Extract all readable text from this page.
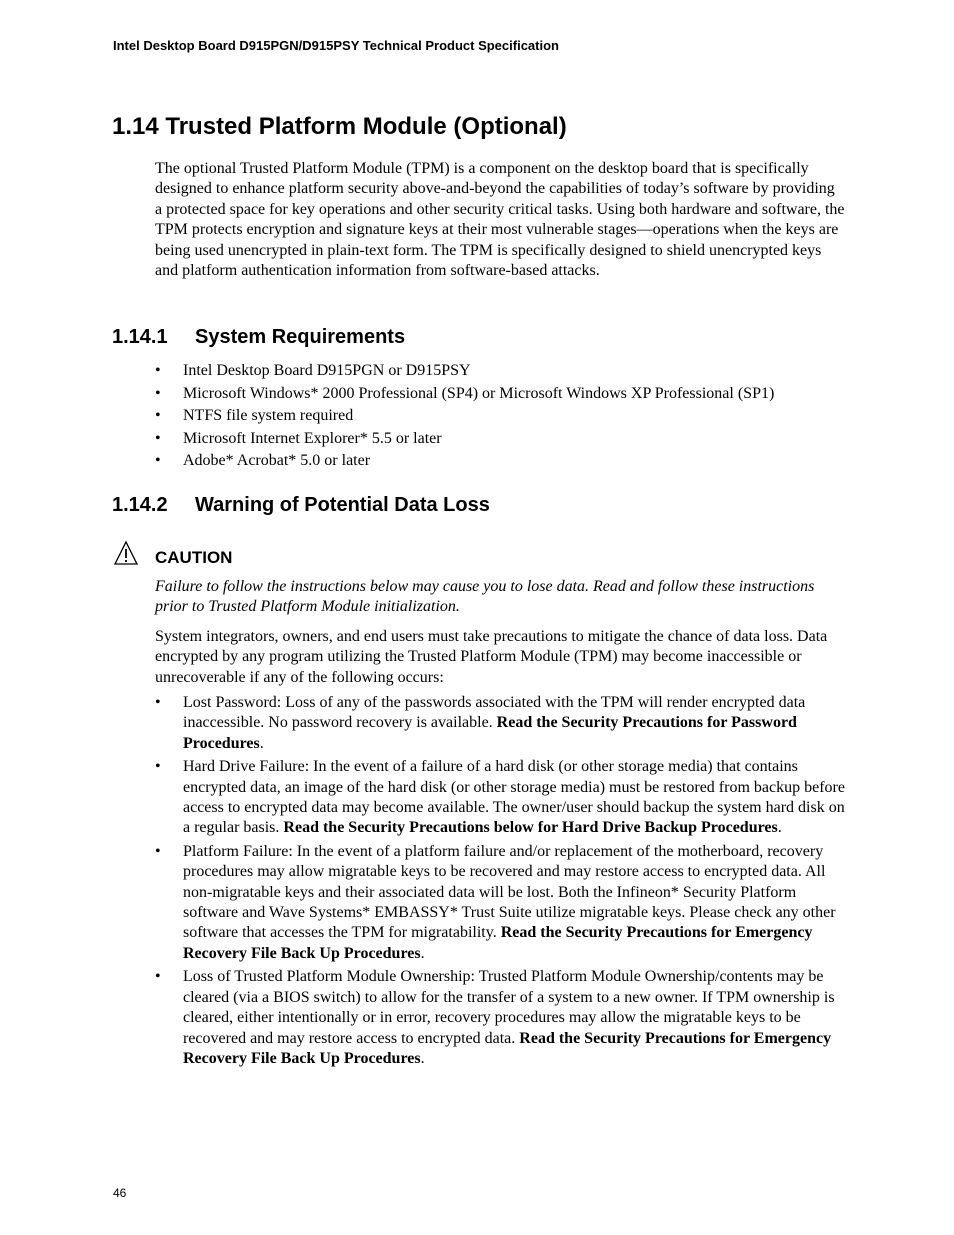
Intel Desktop Board D915PGN/D915PSY Technical Product Specification
1.14 Trusted Platform Module (Optional)

The optional Trusted Platform Module (TPM) is a component on the desktop board that is specifically designed to enhance platform security above-and-beyond the capabilities of today’s software by providing a protected space for key operations and other security critical tasks. Using both hardware and software, the TPM protects encryption and signature keys at their most vulnerable stages—operations when the keys are being used unencrypted in plain-text form. The TPM is specifically designed to shield unencrypted keys and platform authentication information from software-based attacks.

1.14.1 System Requirements
• Intel Desktop Board D915PGN or D915PSY
• Microsoft Windows* 2000 Professional (SP4) or Microsoft Windows XP Professional (SP1)
• NTFS file system required
• Microsoft Internet Explorer* 5.5 or later
• Adobe* Acrobat* 5.0 or later
1.14.2 Warning of Potential Data Loss
CAUTION

Failure to follow the instructions below may cause you to lose data. Read and follow these instructions prior to Trusted Platform Module initialization.

System integrators, owners, and end users must take precautions to mitigate the chance of data loss. Data encrypted by any program utilizing the Trusted Platform Module (TPM) may become inaccessible or unrecoverable if any of the following occurs:

• Lost Password: Loss of any of the passwords associated with the TPM will render encrypted data inaccessible. No password recovery is available. Read the Security Precautions for Password Procedures.
• Hard Drive Failure: In the event of a failure of a hard disk (or other storage media) that contains encrypted data, an image of the hard disk (or other storage media) must be restored from backup before access to encrypted data may become available. The owner/user should backup the system hard disk on a regular basis. Read the Security Precautions below for Hard Drive Backup Procedures.
• Platform Failure: In the event of a platform failure and/or replacement of the motherboard, recovery procedures may allow migratable keys to be recovered and may restore access to encrypted data. All non-migratable keys and their associated data will be lost. Both the Infineon* Security Platform software and Wave Systems* EMBASSY* Trust Suite utilize migratable keys. Please check any other software that accesses the TPM for migratability. Read the Security Precautions for Emergency Recovery File Back Up Procedures.
• Loss of Trusted Platform Module Ownership: Trusted Platform Module Ownership/contents may be cleared (via a BIOS switch) to allow for the transfer of a system to a new owner. If TPM ownership is cleared, either intentionally or in error, recovery procedures may allow the migratable keys to be recovered and may restore access to encrypted data. Read the Security Precautions for Emergency Recovery File Back Up Procedures.
46
